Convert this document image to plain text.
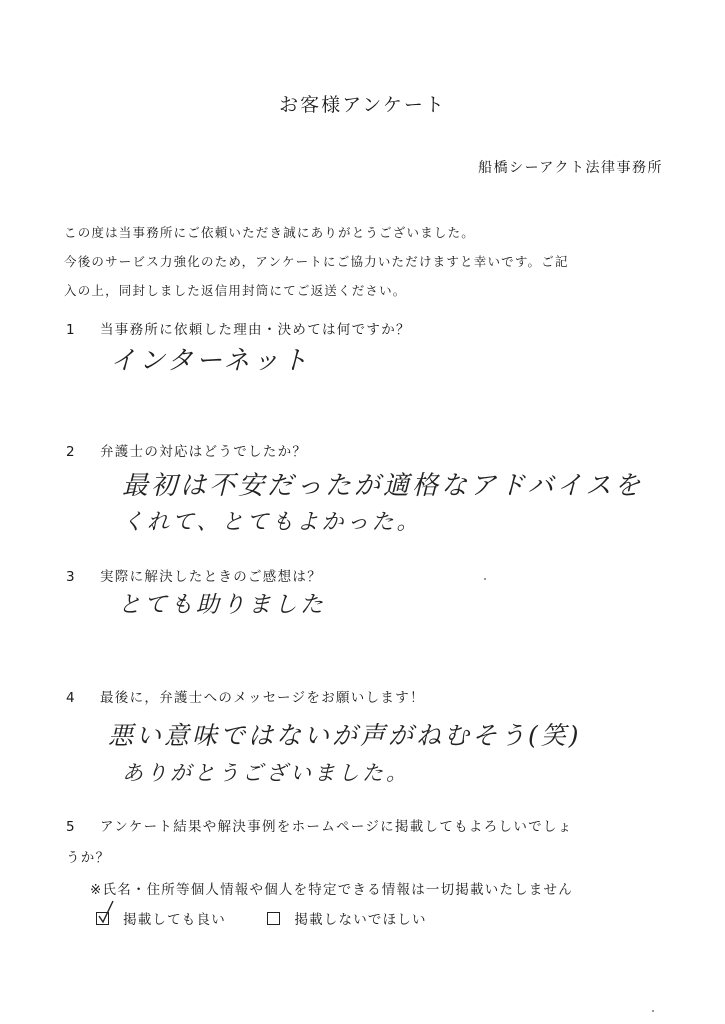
お客様アンケート
船橋シーアクト法律事務所
この度は当事務所にご依頼いただき誠にありがとうございました。
今後のサービス力強化のため，アンケートにご協力いただけますと幸いです。ご記
入の上，同封しました返信用封筒にてご返送ください。
1 当事務所に依頼した理由・決めては何ですか？
インターネット
2 弁護士の対応はどうでしたか？
最初は不安だったが適格なアドバイスを
くれて、とてもよかった。
3 実際に解決したときのご感想は？
とても助りました
4 最後に，弁護士へのメッセージをお願いします！
悪い意味ではないが声がねむそう(笑)
ありがとうございました。
5 アンケート結果や解決事例をホームページに掲載してもよろしいでしょ
うか？
※氏名・住所等個人情報や個人を特定できる情報は一切掲載いたしません
掲載しても良い	掲載しないでほしい
